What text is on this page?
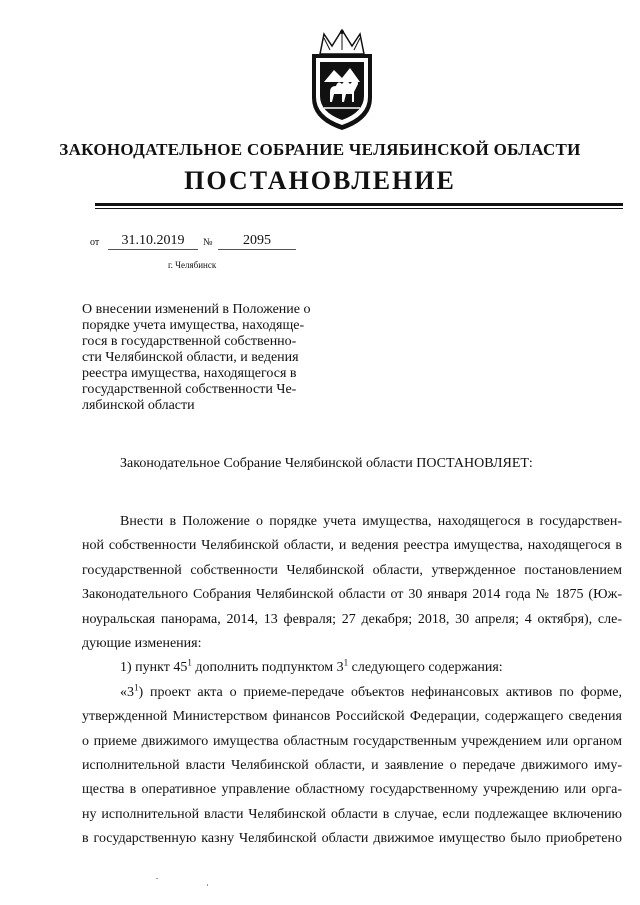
ЗАКОНОДАТЕЛЬНОЕ СОБРАНИЕ ЧЕЛЯБИНСКОЙ ОБЛАСТИ
ПОСТАНОВЛЕНИЕ
от	31.10.2019	№	2095
г. Челябинск
О внесении изменений в Положение о
порядке учета имущества, находяще-
гося в государственной собственно-
сти Челябинской области, и ведения
реестра имущества, находящегося в
государственной собственности Че-
лябинской области
Законодательное Собрание Челябинской области ПОСТАНОВЛЯЕТ:
Внести в Положение о порядке учета имущества, находящегося в государствен-
ной собственности Челябинской области, и ведения реестра имущества, находящегося в
государственной собственности Челябинской области, утвержденное постановлением
Законодательного Собрания Челябинской области от 30 января 2014 года № 1875 (Юж-
ноуральская панорама, 2014, 13 февраля; 27 декабря; 2018, 30 апреля; 4 октября), сле-
дующие изменения:
1) пункт $45^1$ дополнить подпунктом $3^1$ следующего содержания:
«$3^1$) проект акта о приеме-передаче объектов нефинансовых активов по форме,
утвержденной Министерством финансов Российской Федерации, содержащего сведения
о приеме движимого имущества областным государственным учреждением или органом
исполнительной власти Челябинской области, и заявление о передаче движимого иму-
щества в оперативное управление областному государственному учреждению или орга-
ну исполнительной власти Челябинской области в случае, если подлежащее включению
в государственную казну Челябинской области движимое имущество было приобретено
